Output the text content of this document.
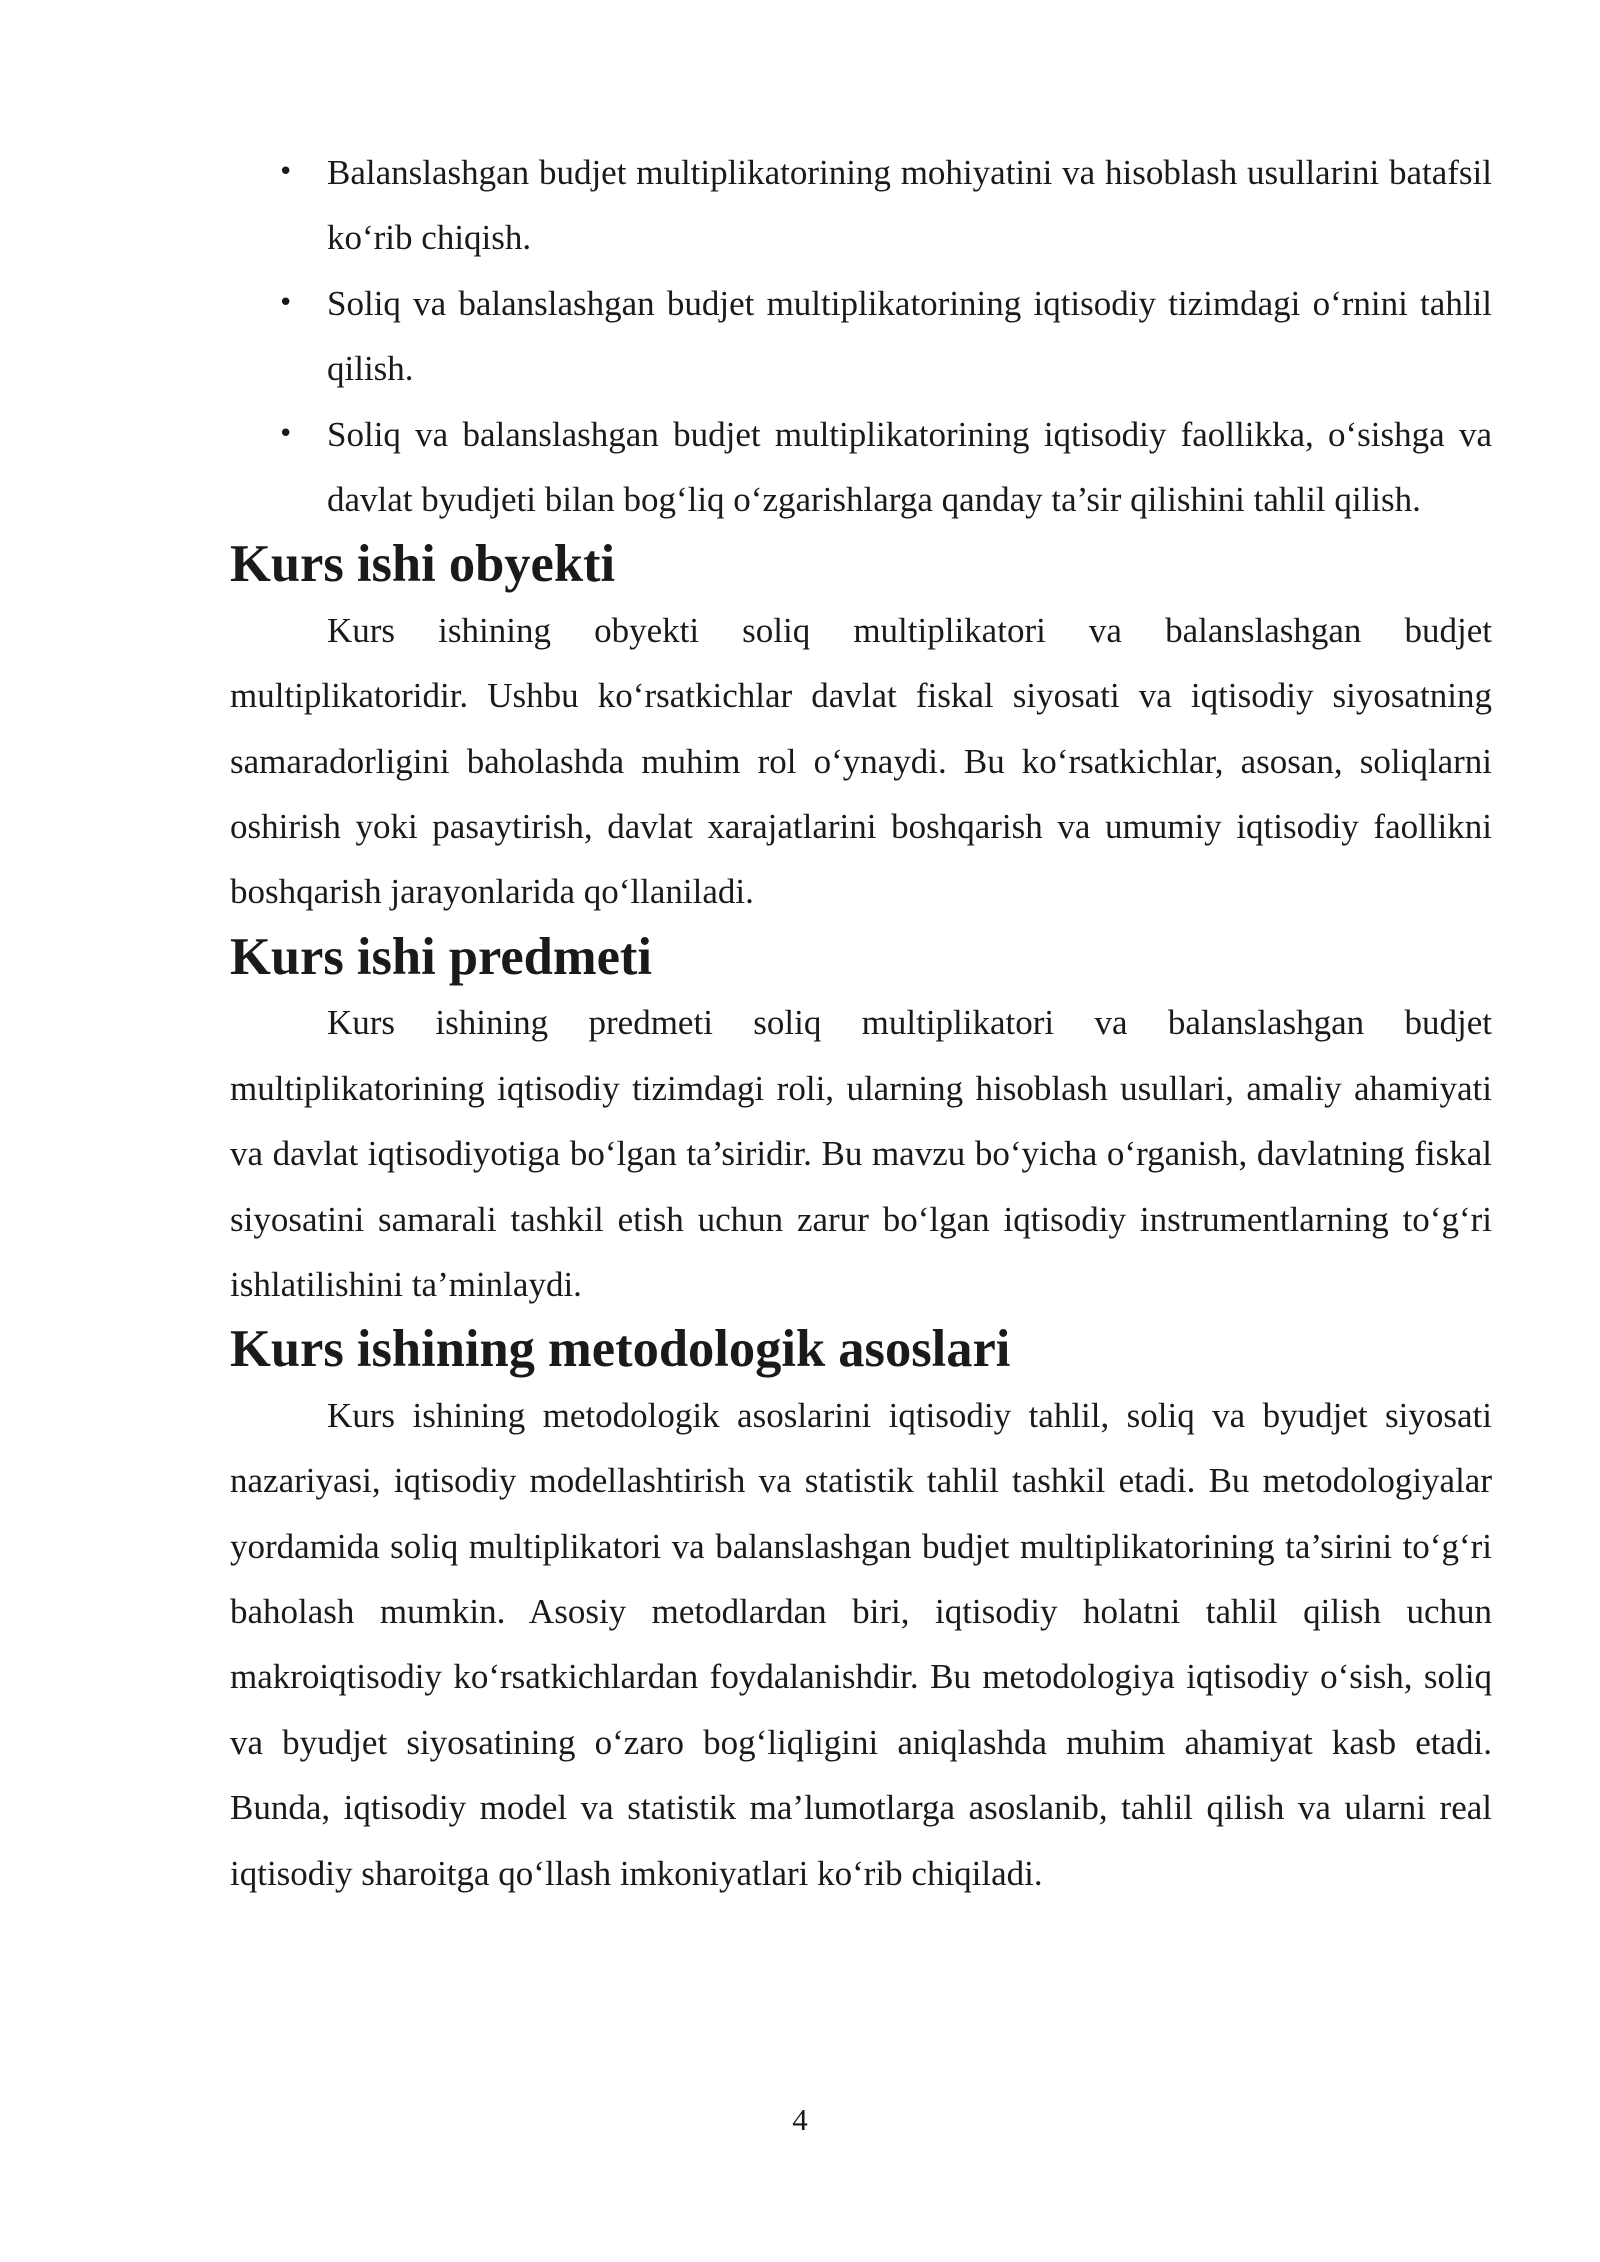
• Balanslashgan budjet multiplikatorining mohiyatini va hisoblash usullarini batafsil ko‘rib chiqish.
• Soliq va balanslashgan budjet multiplikatorining iqtisodiy tizimdagi o‘rnini tahlil qilish.
• Soliq va balanslashgan budjet multiplikatorining iqtisodiy faollikka, o‘sishga va davlat byudjeti bilan bog‘liq o‘zgarishlarga qanday ta’sir qilishini tahlil qilish.
Kurs ishi obyekti

Kurs ishining obyekti soliq multiplikatori va balanslashgan budjet multiplikatoridir. Ushbu ko‘rsatkichlar davlat fiskal siyosati va iqtisodiy siyosatning samaradorligini baholashda muhim rol o‘ynaydi. Bu ko‘rsatkichlar, asosan, soliqlarni oshirish yoki pasaytirish, davlat xarajatlarini boshqarish va umumiy iqtisodiy faollikni boshqarish jarayonlarida qo‘llaniladi.

Kurs ishi predmeti

Kurs ishining predmeti soliq multiplikatori va balanslashgan budjet multiplikatorining iqtisodiy tizimdagi roli, ularning hisoblash usullari, amaliy ahamiyati va davlat iqtisodiyotiga bo‘lgan ta’siridir. Bu mavzu bo‘yicha o‘rganish, davlatning fiskal siyosatini samarali tashkil etish uchun zarur bo‘lgan iqtisodiy instrumentlarning to‘g‘ri ishlatilishini ta’minlaydi.

Kurs ishining metodologik asoslari

Kurs ishining metodologik asoslarini iqtisodiy tahlil, soliq va byudjet siyosati nazariyasi, iqtisodiy modellashtirish va statistik tahlil tashkil etadi. Bu metodologiyalar yordamida soliq multiplikatori va balanslashgan budjet multiplikatorining ta’sirini to‘g‘ri baholash mumkin. Asosiy metodlardan biri, iqtisodiy holatni tahlil qilish uchun makroiqtisodiy ko‘rsatkichlardan foydalanishdir. Bu metodologiya iqtisodiy o‘sish, soliq va byudjet siyosatining o‘zaro bog‘liqligini aniqlashda muhim ahamiyat kasb etadi. Bunda, iqtisodiy model va statistik ma’lumotlarga asoslanib, tahlil qilish va ularni real iqtisodiy sharoitga qo‘llash imkoniyatlari ko‘rib chiqiladi.

4
